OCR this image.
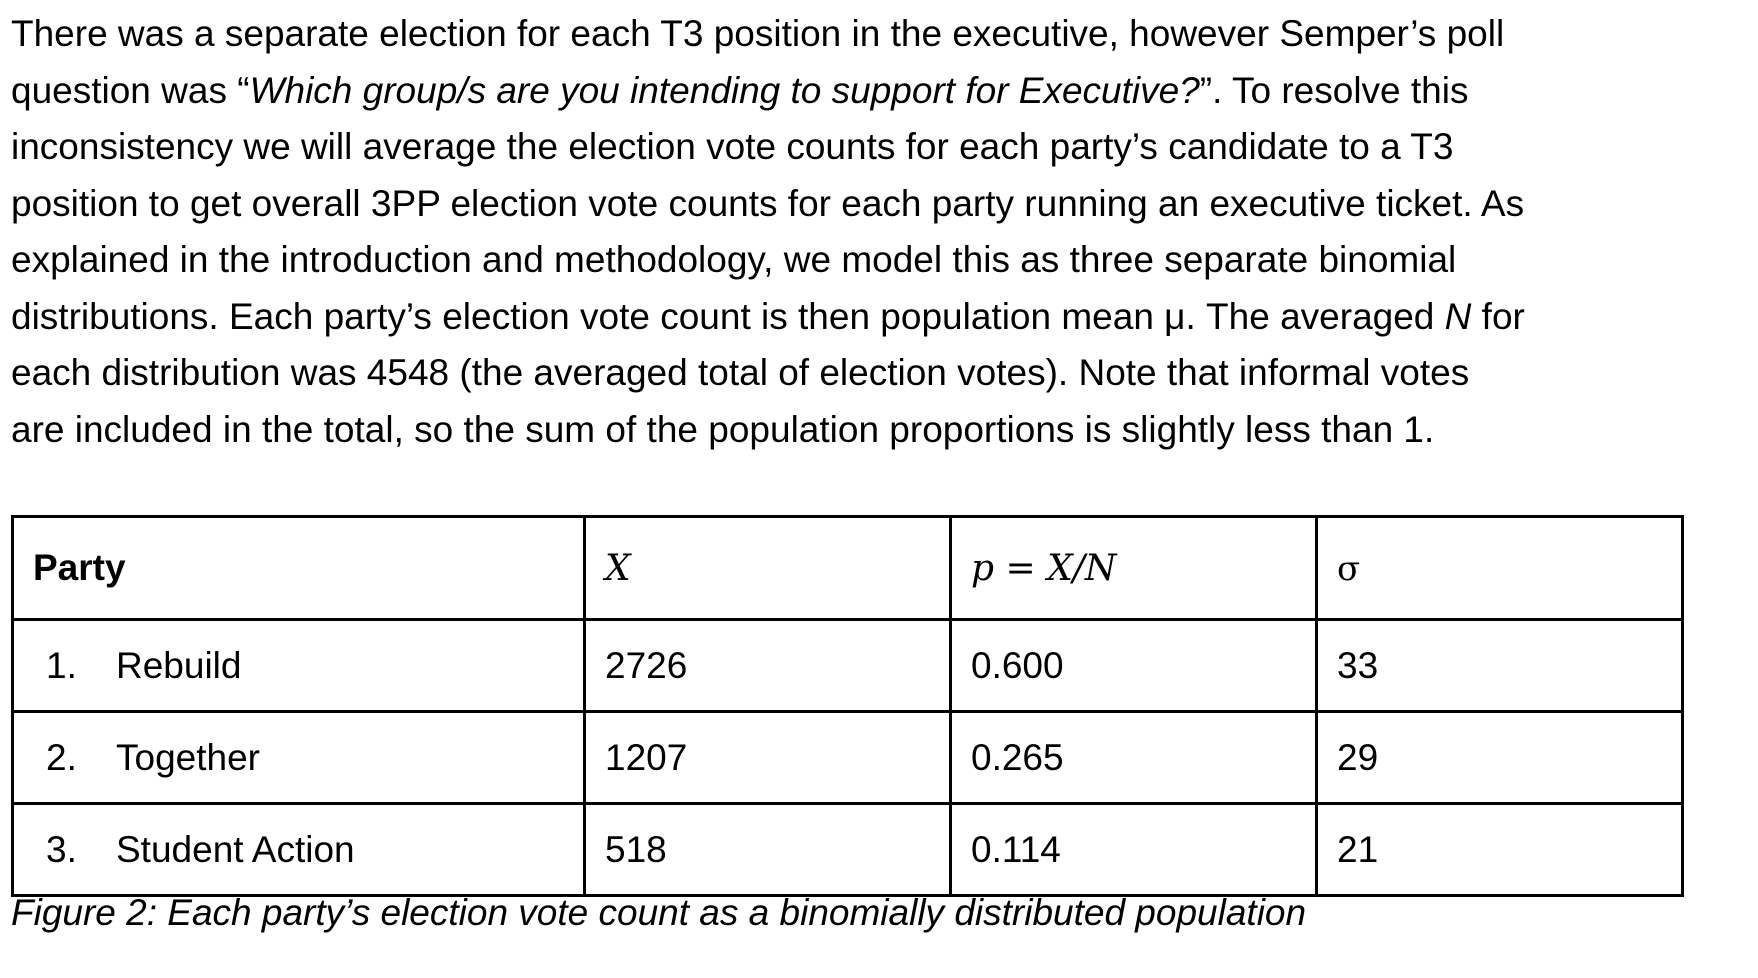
There was a separate election for each T3 position in the executive, however Semper’s poll
question was “Which group/s are you intending to support for Executive?”. To resolve this
inconsistency we will average the election vote counts for each party’s candidate to a T3
position to get overall 3PP election vote counts for each party running an executive ticket. As
explained in the introduction and methodology, we model this as three separate binomial
distributions. Each party’s election vote count is then population mean μ. The averaged N for
each distribution was 4548 (the averaged total of election votes). Note that informal votes
are included in the total, so the sum of the population proportions is slightly less than 1.
Party	X	p = X/N	σ
1. Rebuild	2726	0.600	33
2. Together	1207	0.265	29
3. Student Action	518	0.114	21

Figure 2: Each party’s election vote count as a binomially distributed population
